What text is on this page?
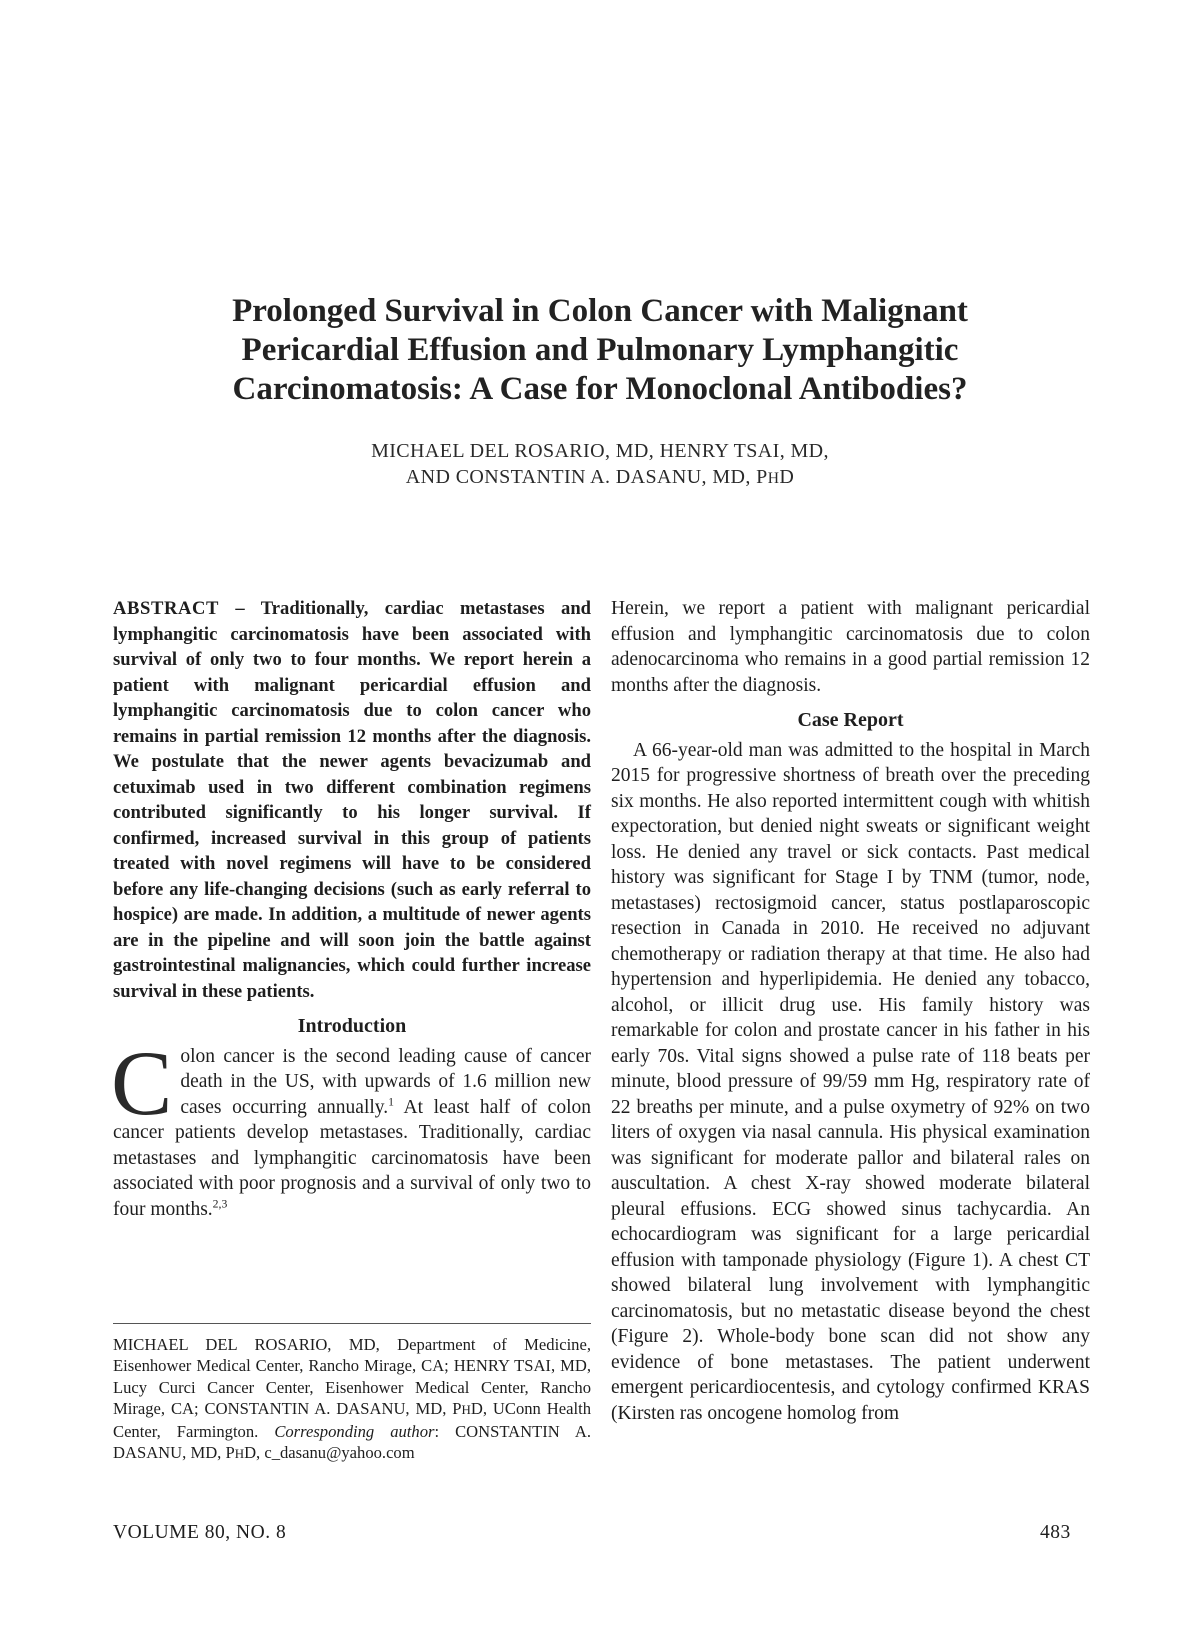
Prolonged Survival in Colon Cancer with Malignant Pericardial Effusion and Pulmonary Lymphangitic Carcinomatosis: A Case for Monoclonal Antibodies?
MICHAEL DEL ROSARIO, MD, HENRY TSAI, MD,
AND CONSTANTIN A. DASANU, MD, PHD

ABSTRACT – Traditionally, cardiac metastases and lymphangitic carcinomatosis have been associated with survival of only two to four months. We report herein a patient with malignant pericardial effusion and lymphangitic carcinomatosis due to colon cancer who remains in partial remission 12 months after the diagnosis. We postulate that the newer agents bevacizumab and cetuximab used in two different combination regimens contributed significantly to his longer survival. If confirmed, increased survival in this group of patients treated with novel regimens will have to be considered before any life-changing decisions (such as early referral to hospice) are made. In addition, a multitude of newer agents are in the pipeline and will soon join the battle against gastrointestinal malignancies, which could further increase survival in these patients.

Introduction

Colon cancer is the second leading cause of cancer death in the US, with upwards of 1.6 million new cases occurring annually.$^1$ At least half of colon cancer patients develop metastases. Traditionally, cardiac metastases and lymphangitic carcinomatosis have been associated with poor prognosis and a survival of only two to four months.$^{2,3}$

MICHAEL DEL ROSARIO, MD, Department of Medicine, Eisenhower Medical Center, Rancho Mirage, CA; HENRY TSAI, MD, Lucy Curci Cancer Center, Eisenhower Medical Center, Rancho Mirage, CA; CONSTANTIN A. DASANU, MD, PHD, UConn Health Center, Farmington. Corresponding author: CONSTANTIN A. DASANU, MD, PHD, c_dasanu@yahoo.com

Herein, we report a patient with malignant pericardial effusion and lymphangitic carcinomatosis due to colon adenocarcinoma who remains in a good partial remission 12 months after the diagnosis.

Case Report

A 66-year-old man was admitted to the hospital in March 2015 for progressive shortness of breath over the preceding six months. He also reported intermittent cough with whitish expectoration, but denied night sweats or significant weight loss. He denied any travel or sick contacts. Past medical history was significant for Stage I by TNM (tumor, node, metastases) rectosigmoid cancer, status postlaparoscopic resection in Canada in 2010. He received no adjuvant chemotherapy or radiation therapy at that time. He also had hypertension and hyperlipidemia. He denied any tobacco, alcohol, or illicit drug use. His family history was remarkable for colon and prostate cancer in his father in his early 70s. Vital signs showed a pulse rate of 118 beats per minute, blood pressure of 99/59 mm Hg, respiratory rate of 22 breaths per minute, and a pulse oxymetry of 92% on two liters of oxygen via nasal cannula. His physical examination was significant for moderate pallor and bilateral rales on auscultation. A chest X-ray showed moderate bilateral pleural effusions. ECG showed sinus tachycardia. An echocardiogram was significant for a large pericardial effusion with tamponade physiology (Figure 1). A chest CT showed bilateral lung involvement with lymphangitic carcinomatosis, but no metastatic disease beyond the chest (Figure 2). Whole-body bone scan did not show any evidence of bone metastases. The patient underwent emergent pericardiocentesis, and cytology confirmed KRAS (Kirsten ras oncogene homolog from

VOLUME 80, NO. 8	483
